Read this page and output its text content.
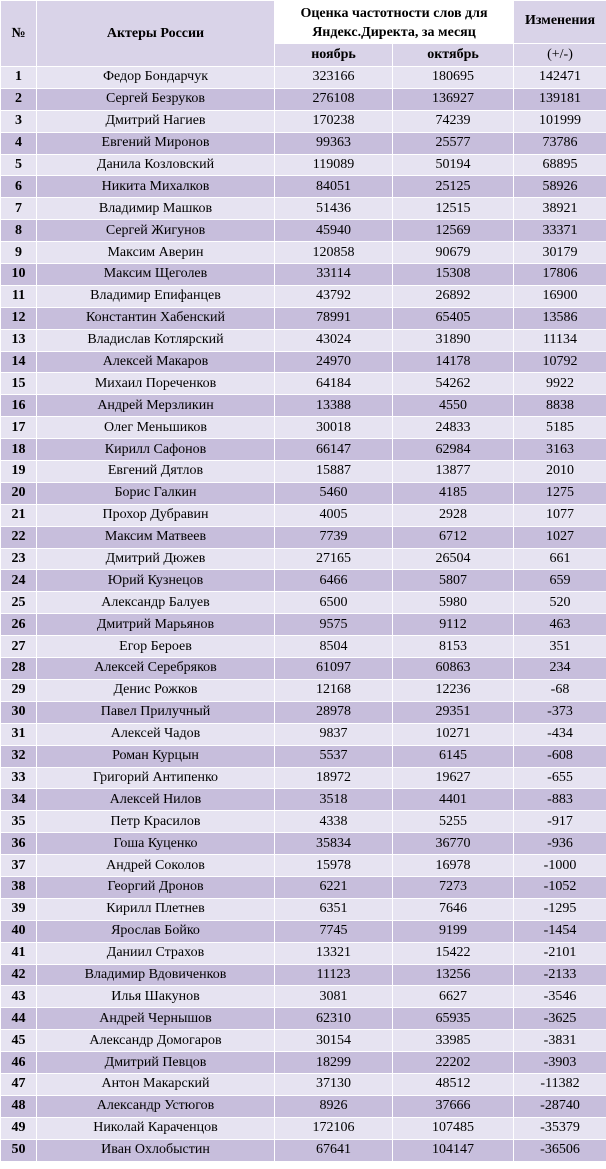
№	Актеры России	Оценка частотности слов для Яндекс.Директа, за месяц		Изменения
		ноябрь	октябрь	(+/-)
1	Федор Бондарчук	323166	180695	142471
2	Сергей Безруков	276108	136927	139181
3	Дмитрий Нагиев	170238	74239	101999
4	Евгений Миронов	99363	25577	73786
5	Данила Козловский	119089	50194	68895
6	Никита Михалков	84051	25125	58926
7	Владимир Машков	51436	12515	38921
8	Сергей Жигунов	45940	12569	33371
9	Максим Аверин	120858	90679	30179
10	Максим Щеголев	33114	15308	17806
11	Владимир Епифанцев	43792	26892	16900
12	Константин Хабенский	78991	65405	13586
13	Владислав Котлярский	43024	31890	11134
14	Алексей Макаров	24970	14178	10792
15	Михаил Пореченков	64184	54262	9922
16	Андрей Мерзликин	13388	4550	8838
17	Олег Меньшиков	30018	24833	5185
18	Кирилл Сафонов	66147	62984	3163
19	Евгений Дятлов	15887	13877	2010
20	Борис Галкин	5460	4185	1275
21	Прохор Дубравин	4005	2928	1077
22	Максим Матвеев	7739	6712	1027
23	Дмитрий Дюжев	27165	26504	661
24	Юрий Кузнецов	6466	5807	659
25	Александр Балуев	6500	5980	520
26	Дмитрий Марьянов	9575	9112	463
27	Егор Бероев	8504	8153	351
28	Алексей Серебряков	61097	60863	234
29	Денис Рожков	12168	12236	-68
30	Павел Прилучный	28978	29351	-373
31	Алексей Чадов	9837	10271	-434
32	Роман Курцын	5537	6145	-608
33	Григорий Антипенко	18972	19627	-655
34	Алексей Нилов	3518	4401	-883
35	Петр Красилов	4338	5255	-917
36	Гоша Куценко	35834	36770	-936
37	Андрей Соколов	15978	16978	-1000
38	Георгий Дронов	6221	7273	-1052
39	Кирилл Плетнев	6351	7646	-1295
40	Ярослав Бойко	7745	9199	-1454
41	Даниил Страхов	13321	15422	-2101
42	Владимир Вдовиченков	11123	13256	-2133
43	Илья Шакунов	3081	6627	-3546
44	Андрей Чернышов	62310	65935	-3625
45	Александр Домогаров	30154	33985	-3831
46	Дмитрий Певцов	18299	22202	-3903
47	Антон Макарский	37130	48512	-11382
48	Александр Устюгов	8926	37666	-28740
49	Николай Караченцов	172106	107485	-35379
50	Иван Охлобыстин	67641	104147	-36506
